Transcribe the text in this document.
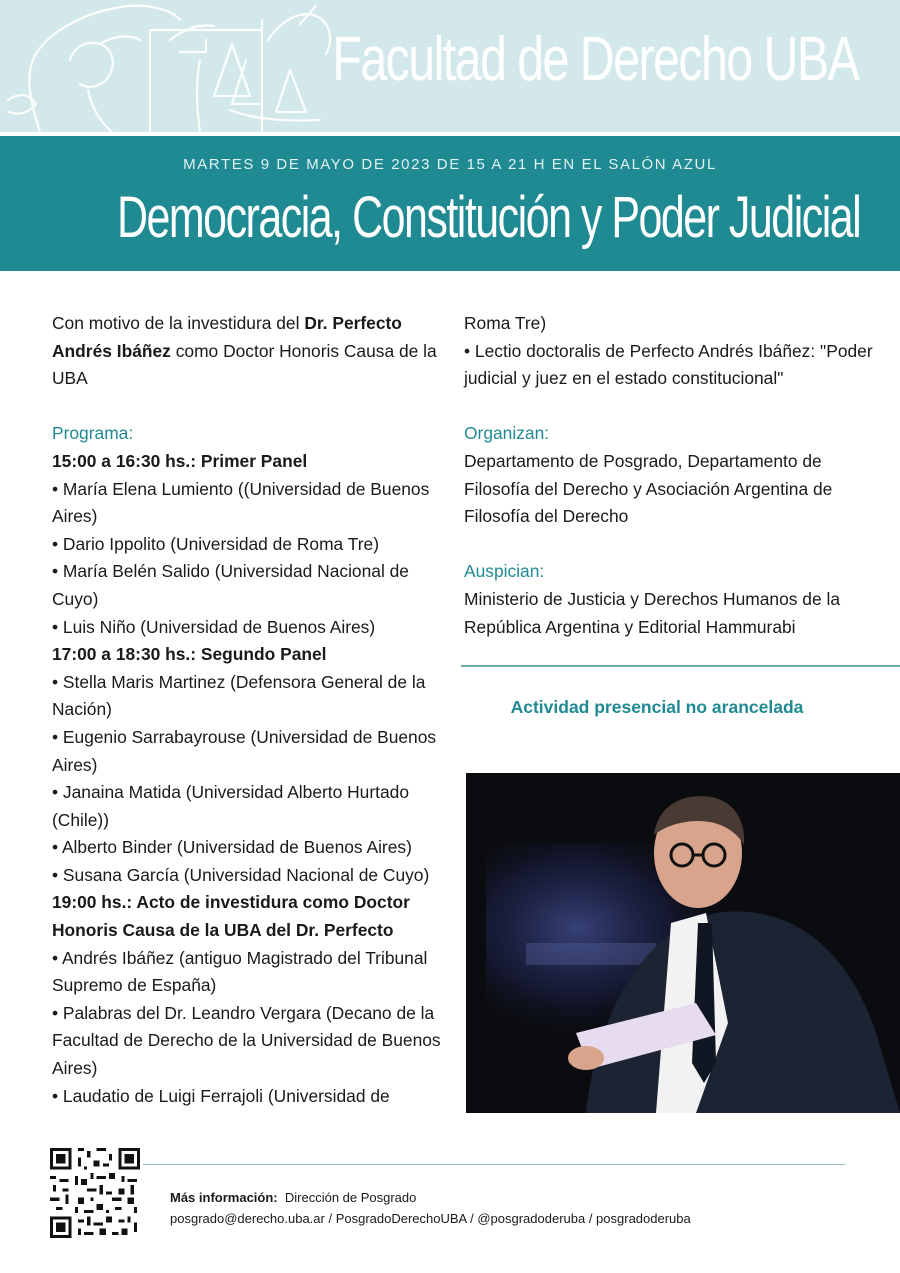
Facultad de Derecho UBA
MARTES 9 DE MAYO DE 2023 DE 15 A 21 H EN EL SALÓN AZUL
Democracia, Constitución y Poder Judicial

Con motivo de la investidura del Dr. Perfecto Andrés Ibáñez como Doctor Honoris Causa de la UBA

Programa:

15:00 a 16:30 hs.: Primer Panel

• María Elena Lumiento ((Universidad de Buenos Aires)

• Dario Ippolito (Universidad de Roma Tre)

• María Belén Salido (Universidad Nacional de Cuyo)

• Luis Niño (Universidad de Buenos Aires)

17:00 a 18:30 hs.: Segundo Panel

• Stella Maris Martinez (Defensora General de la Nación)

• Eugenio Sarrabayrouse (Universidad de Buenos Aires)

• Janaina Matida (Universidad Alberto Hurtado (Chile))

• Alberto Binder (Universidad de Buenos Aires)

• Susana García (Universidad Nacional de Cuyo)

19:00 hs.: Acto de investidura como Doctor Honoris Causa de la UBA del Dr. Perfecto

• Andrés Ibáñez (antiguo Magistrado del Tribunal Supremo de España)

• Palabras del Dr. Leandro Vergara (Decano de la Facultad de Derecho de la Universidad de Buenos Aires)

• Laudatio de Luigi Ferrajoli (Universidad de

Roma Tre)

• Lectio doctoralis de Perfecto Andrés Ibáñez: "Poder judicial y juez en el estado constitucional"

Organizan:

Departamento de Posgrado, Departamento de Filosofía del Derecho y Asociación Argentina de Filosofía del Derecho

Auspician:

Ministerio de Justicia y Derechos Humanos de la República Argentina y Editorial Hammurabi

Actividad presencial no arancelada
Más información: Dirección de Posgrado
posgrado@derecho.uba.ar / PosgradoDerechoUBA / @posgradoderuba / posgradoderuba
